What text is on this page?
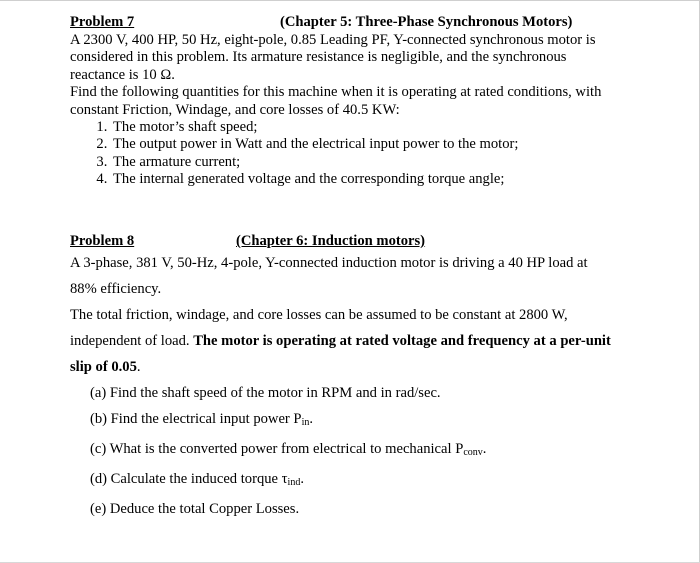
Problem 7	(Chapter 5: Three-Phase Synchronous Motors)
A 2300 V, 400 HP, 50 Hz, eight-pole, 0.85 Leading PF, Y-connected synchronous motor is
considered in this problem. Its armature resistance is negligible, and the synchronous
reactance is 10 Ω.
Find the following quantities for this machine when it is operating at rated conditions, with
constant Friction, Windage, and core losses of 40.5 KW:
1. The motor’s shaft speed;
2. The output power in Watt and the electrical input power to the motor;
3. The armature current;
4. The internal generated voltage and the corresponding torque angle;
Problem 8	(Chapter 6: Induction motors)
A 3-phase, 381 V, 50-Hz, 4-pole, Y-connected induction motor is driving a 40 HP load at
88% efficiency.
The total friction, windage, and core losses can be assumed to be constant at 2800 W,
independent of load. The motor is operating at rated voltage and frequency at a per-unit
slip of 0.05.
(a) Find the shaft speed of the motor in RPM and in rad/sec.
(b) Find the electrical input power $P_{in}$.
(c) What is the converted power from electrical to mechanical $P_{conv}$.
(d) Calculate the induced torque $\tau_{ind}$.
(e) Deduce the total Copper Losses.
